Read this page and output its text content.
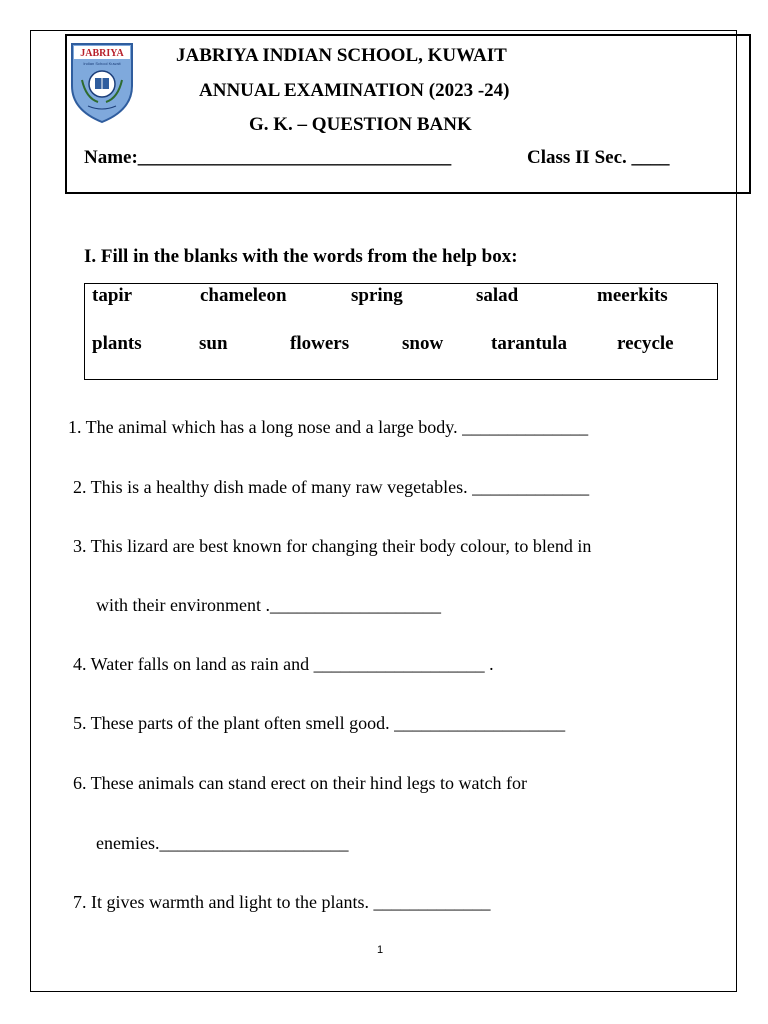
JABRIYA
Indian School Kuwait	JABRIYA INDIAN SCHOOL, KUWAIT
ANNUAL EXAMINATION (2023 -24)
G. K. – QUESTION BANK
Name:_________________________________	Class II Sec. ____
I. Fill in the blanks with the words from the help box:
tapir	chameleon	spring	salad	meerkits
plants	sun	flowers	snow	tarantula	recycle
1. The animal which has a long nose and a large body. ______________
2. This is a healthy dish made of many raw vegetables. _____________
3. This lizard are best known for changing their body colour, to blend in
with their environment .___________________
4. Water falls on land as rain and ___________________ .
5. These parts of the plant often smell good. ___________________
6. These animals can stand erect on their hind legs to watch for
enemies._____________________
7. It gives warmth and light to the plants. _____________
1
